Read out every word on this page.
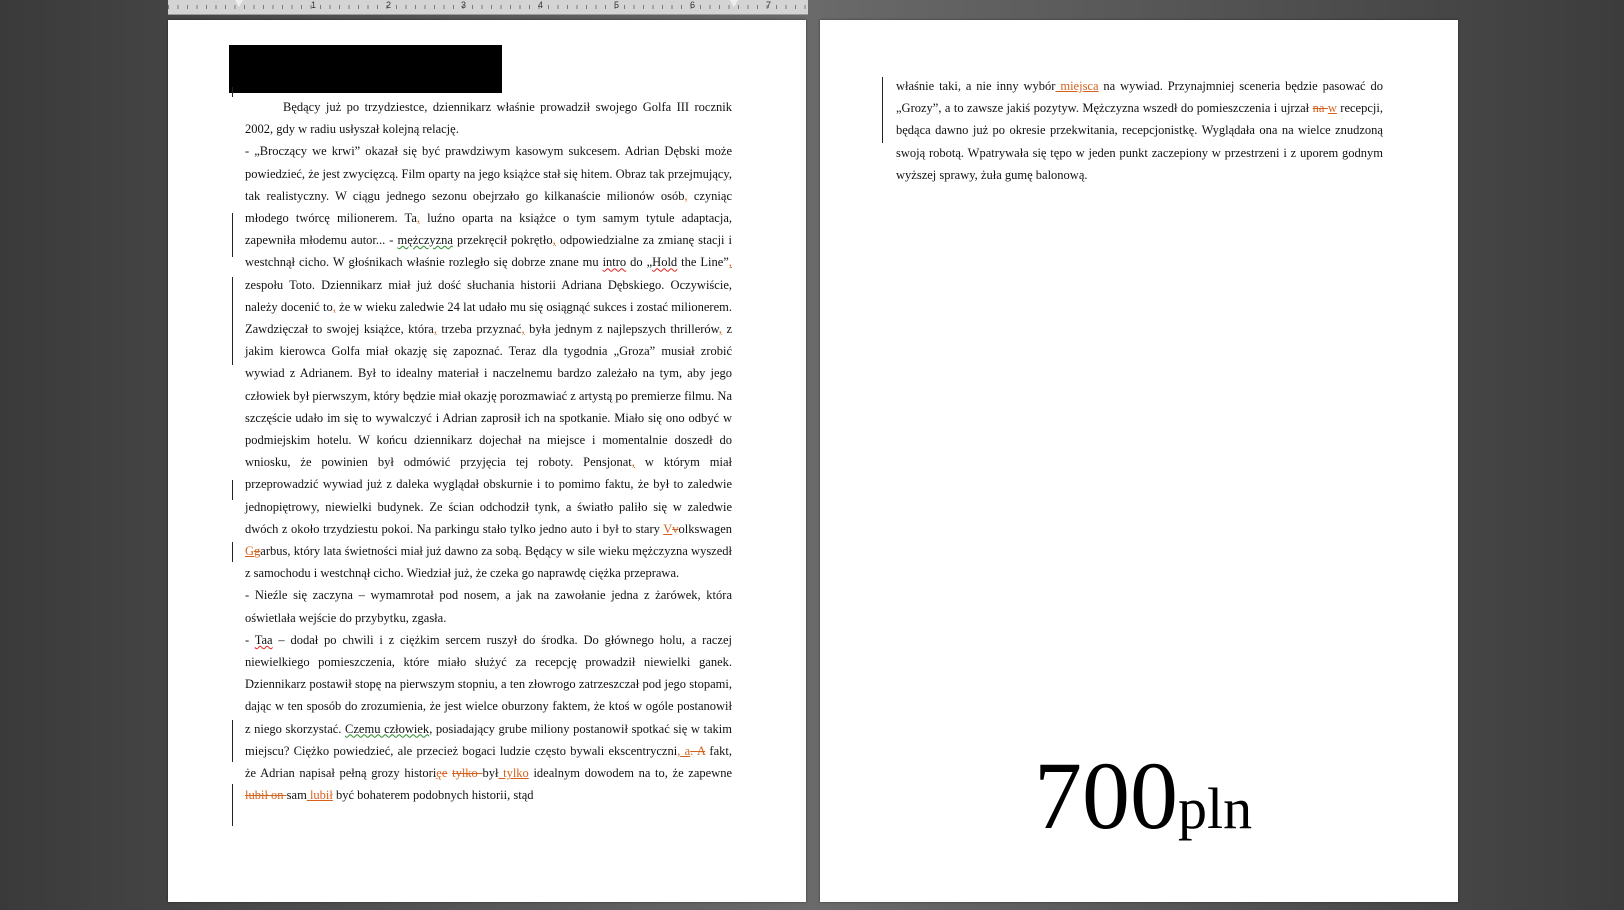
1	2	3	4	5	6	7

Będący już po trzydziestce, dziennikarz właśnie prowadził swojego Golfa III rocznik 2002, gdy w radiu usłyszał kolejną relację.

- „Broczący we krwi” okazał się być prawdziwym kasowym sukcesem. Adrian Dębski może powiedzieć, że jest zwycięzcą. Film oparty na jego książce stał się hitem. Obraz tak przejmujący, tak realistyczny. W ciągu jednego sezonu obejrzało go kilkanaście milionów osób, czyniąc młodego twórcę milionerem. Ta, luźno oparta na książce o tym samym tytule adaptacja, zapewniła młodemu autor... - mężczyzna przekręcił pokrętło, odpowiedzialne za zmianę stacji i westchnął cicho. W głośnikach właśnie rozległo się dobrze znane mu intro do „Hold the Line”, zespołu Toto. Dziennikarz miał już dość słuchania historii Adriana Dębskiego. Oczywiście, należy docenić to, że w wieku zaledwie 24 lat udało mu się osiągnąć sukces i zostać milionerem. Zawdzięczał to swojej książce, która, trzeba przyznać, była jednym z najlepszych thrillerów, z jakim kierowca Golfa miał okazję się zapoznać. Teraz dla tygodnia „Groza” musiał zrobić wywiad z Adrianem. Był to idealny materiał i naczelnemu bardzo zależało na tym, aby jego człowiek był pierwszym, który będzie miał okazję porozmawiać z artystą po premierze filmu. Na szczęście udało im się to wywalczyć i Adrian zaprosił ich na spotkanie. Miało się ono odbyć w podmiejskim hotelu. W końcu dziennikarz dojechał na miejsce i momentalnie doszedł do wniosku, że powinien był odmówić przyjęcia tej roboty. Pensjonat, w którym miał przeprowadzić wywiad już z daleka wyglądał obskurnie i to pomimo faktu, że był to zaledwie jednopiętrowy, niewielki budynek. Ze ścian odchodził tynk, a światło paliło się w zaledwie dwóch z około trzydziestu pokoi. Na parkingu stało tylko jedno auto i był to stary Vvolkswagen Ggarbus, który lata świetności miał już dawno za sobą. Będący w sile wieku mężczyzna wyszedł z samochodu i westchnął cicho. Wiedział już, że czeka go naprawdę ciężka przeprawa.

- Nieźle się zaczyna – wymamrotał pod nosem, a jak na zawołanie jedna z żarówek, która oświetlała wejście do przybytku, zgasła.

- Taa – dodał po chwili i z ciężkim sercem ruszył do środka. Do głównego holu, a raczej niewielkiego pomieszczenia, które miało służyć za recepcję prowadził niewielki ganek. Dziennikarz postawił stopę na pierwszym stopniu, a ten złowrogo zatrzeszczał pod jego stopami, dając w ten sposób do zrozumienia, że jest wielce oburzony faktem, że ktoś w ogóle postanowił z niego skorzystać. Czemu człowiek, posiadający grube miliony postanowił spotkać się w takim miejscu? Ciężko powiedzieć, ale przecież bogaci ludzie często bywali ekscentryczni, a. A fakt, że Adrian napisał pełną grozy historięe tylko był tylko idealnym dowodem na to, że zapewne lubił on sam lubił być bohaterem podobnych historii, stąd

właśnie taki, a nie inny wybór miejsca na wywiad. Przynajmniej sceneria będzie pasować do „Grozy”, a to zawsze jakiś pozytyw. Mężczyzna wszedł do pomieszczenia i ujrzał na w recepcji, będąca dawno już po okresie przekwitania, recepcjonistkę. Wyglądała ona na wielce znudzoną swoją robotą. Wpatrywała się tępo w jeden punkt zaczepiony w przestrzeni i z uporem godnym wyższej sprawy, żuła gumę balonową.

700pln
